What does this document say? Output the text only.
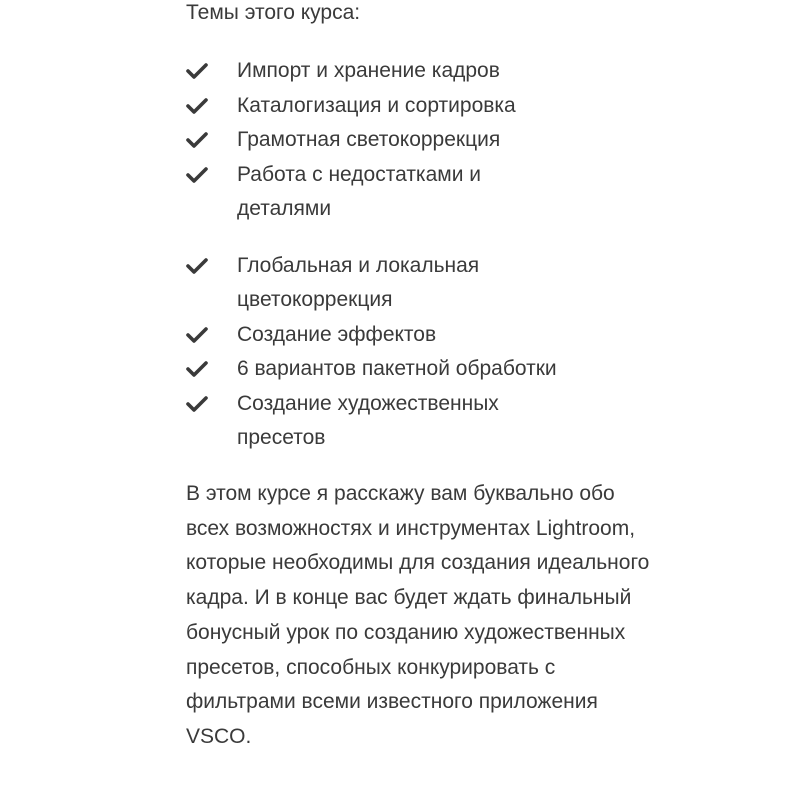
Темы этого курса:

Импорт и хранение кадров
Каталогизация и сортировка
Грамотная светокоррекция
Работа с недостатками и деталями
Глобальная и локальная цветокоррекция
Создание эффектов
6 вариантов пакетной обработки
Создание художественных пресетов

В этом курсе я расскажу вам буквально обо всех возможностях и инструментах Lightroom, которые необходимы для создания идеального кадра. И в конце вас будет ждать финальный бонусный урок по созданию художественных пресетов, способных конкурировать с фильтрами всеми известного приложения VSCO.
